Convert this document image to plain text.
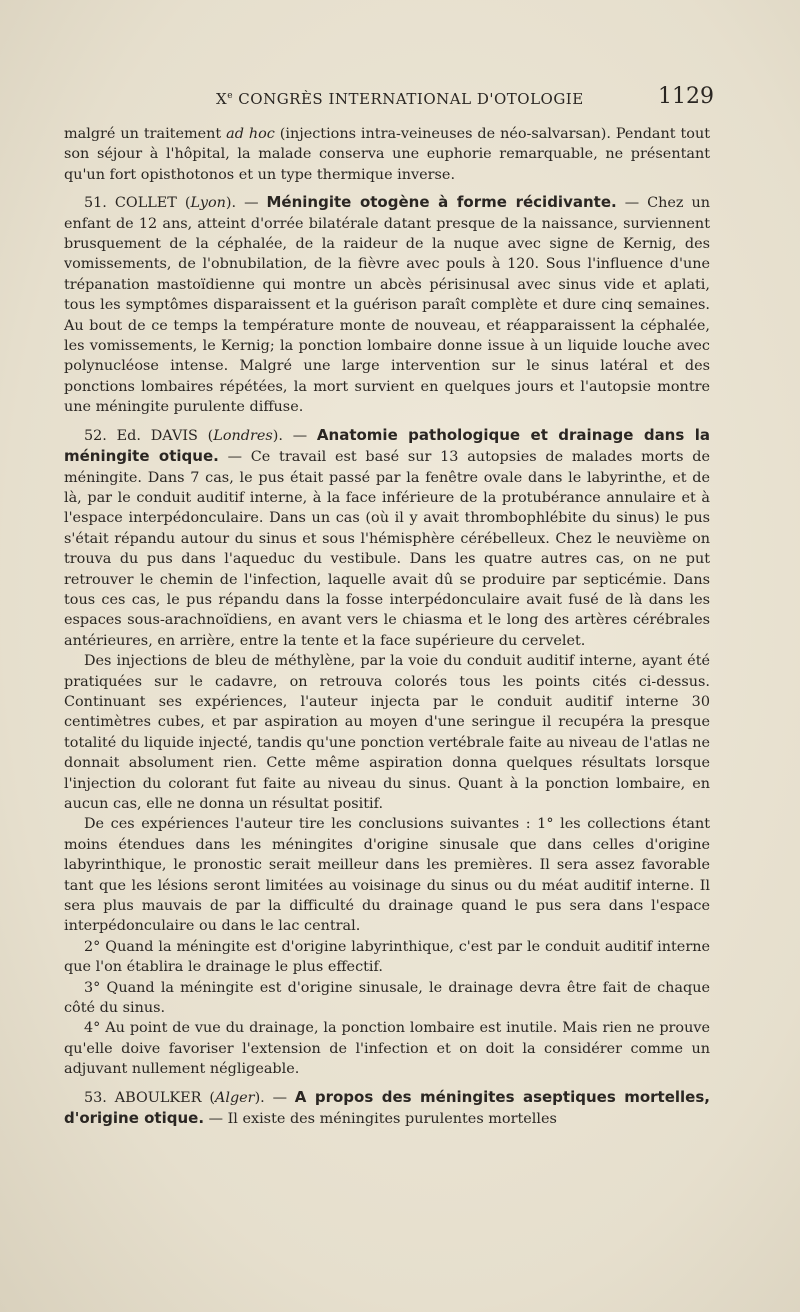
Xe CONGRÈS INTERNATIONAL D'OTOLOGIE	1129

malgré un traitement ad hoc (injections intra-veineuses de néo-salvarsan). Pendant tout son séjour à l'hôpital, la malade conserva une euphorie remarquable, ne présentant qu'un fort opisthotonos et un type thermique inverse.

51. COLLET (Lyon). — Méningite otogène à forme récidivante. — Chez un enfant de 12 ans, atteint d'orrée bilatérale datant presque de la naissance, surviennent brusquement de la céphalée, de la raideur de la nuque avec signe de Kernig, des vomissements, de l'obnubilation, de la fièvre avec pouls à 120. Sous l'influence d'une trépanation mastoïdienne qui montre un abcès périsinusal avec sinus vide et aplati, tous les symptômes disparaissent et la guérison paraît complète et dure cinq semaines. Au bout de ce temps la température monte de nouveau, et réapparaissent la céphalée, les vomissements, le Kernig; la ponction lombaire donne issue à un liquide louche avec polynucléose intense. Malgré une large intervention sur le sinus latéral et des ponctions lombaires répétées, la mort survient en quelques jours et l'autopsie montre une méningite purulente diffuse.

52. Ed. DAVIS (Londres). — Anatomie pathologique et drainage dans la méningite otique. — Ce travail est basé sur 13 autopsies de malades morts de méningite. Dans 7 cas, le pus était passé par la fenêtre ovale dans le labyrinthe, et de là, par le conduit auditif interne, à la face inférieure de la protubérance annulaire et à l'espace interpédonculaire. Dans un cas (où il y avait thrombophlébite du sinus) le pus s'était répandu autour du sinus et sous l'hémisphère cérébelleux. Chez le neuvième on trouva du pus dans l'aqueduc du vestibule. Dans les quatre autres cas, on ne put retrouver le chemin de l'infection, laquelle avait dû se produire par septicémie. Dans tous ces cas, le pus répandu dans la fosse interpédonculaire avait fusé de là dans les espaces sous-arachnoïdiens, en avant vers le chiasma et le long des artères cérébrales antérieures, en arrière, entre la tente et la face supérieure du cervelet.

Des injections de bleu de méthylène, par la voie du conduit auditif interne, ayant été pratiquées sur le cadavre, on retrouva colorés tous les points cités ci-dessus. Continuant ses expériences, l'auteur injecta par le conduit auditif interne 30 centimètres cubes, et par aspiration au moyen d'une seringue il recupéra la presque totalité du liquide injecté, tandis qu'une ponction vertébrale faite au niveau de l'atlas ne donnait absolument rien. Cette même aspiration donna quelques résultats lorsque l'injection du colorant fut faite au niveau du sinus. Quant à la ponction lombaire, en aucun cas, elle ne donna un résultat positif.

De ces expériences l'auteur tire les conclusions suivantes : 1° les collections étant moins étendues dans les méningites d'origine sinusale que dans celles d'origine labyrinthique, le pronostic serait meilleur dans les premières. Il sera assez favorable tant que les lésions seront limitées au voisinage du sinus ou du méat auditif interne. Il sera plus mauvais de par la difficulté du drainage quand le pus sera dans l'espace interpédonculaire ou dans le lac central.

2° Quand la méningite est d'origine labyrinthique, c'est par le conduit auditif interne que l'on établira le drainage le plus effectif.

3° Quand la méningite est d'origine sinusale, le drainage devra être fait de chaque côté du sinus.

4° Au point de vue du drainage, la ponction lombaire est inutile. Mais rien ne prouve qu'elle doive favoriser l'extension de l'infection et on doit la considérer comme un adjuvant nullement négligeable.

53. ABOULKER (Alger). — A propos des méningites aseptiques mortelles, d'origine otique. — Il existe des méningites purulentes mortelles
